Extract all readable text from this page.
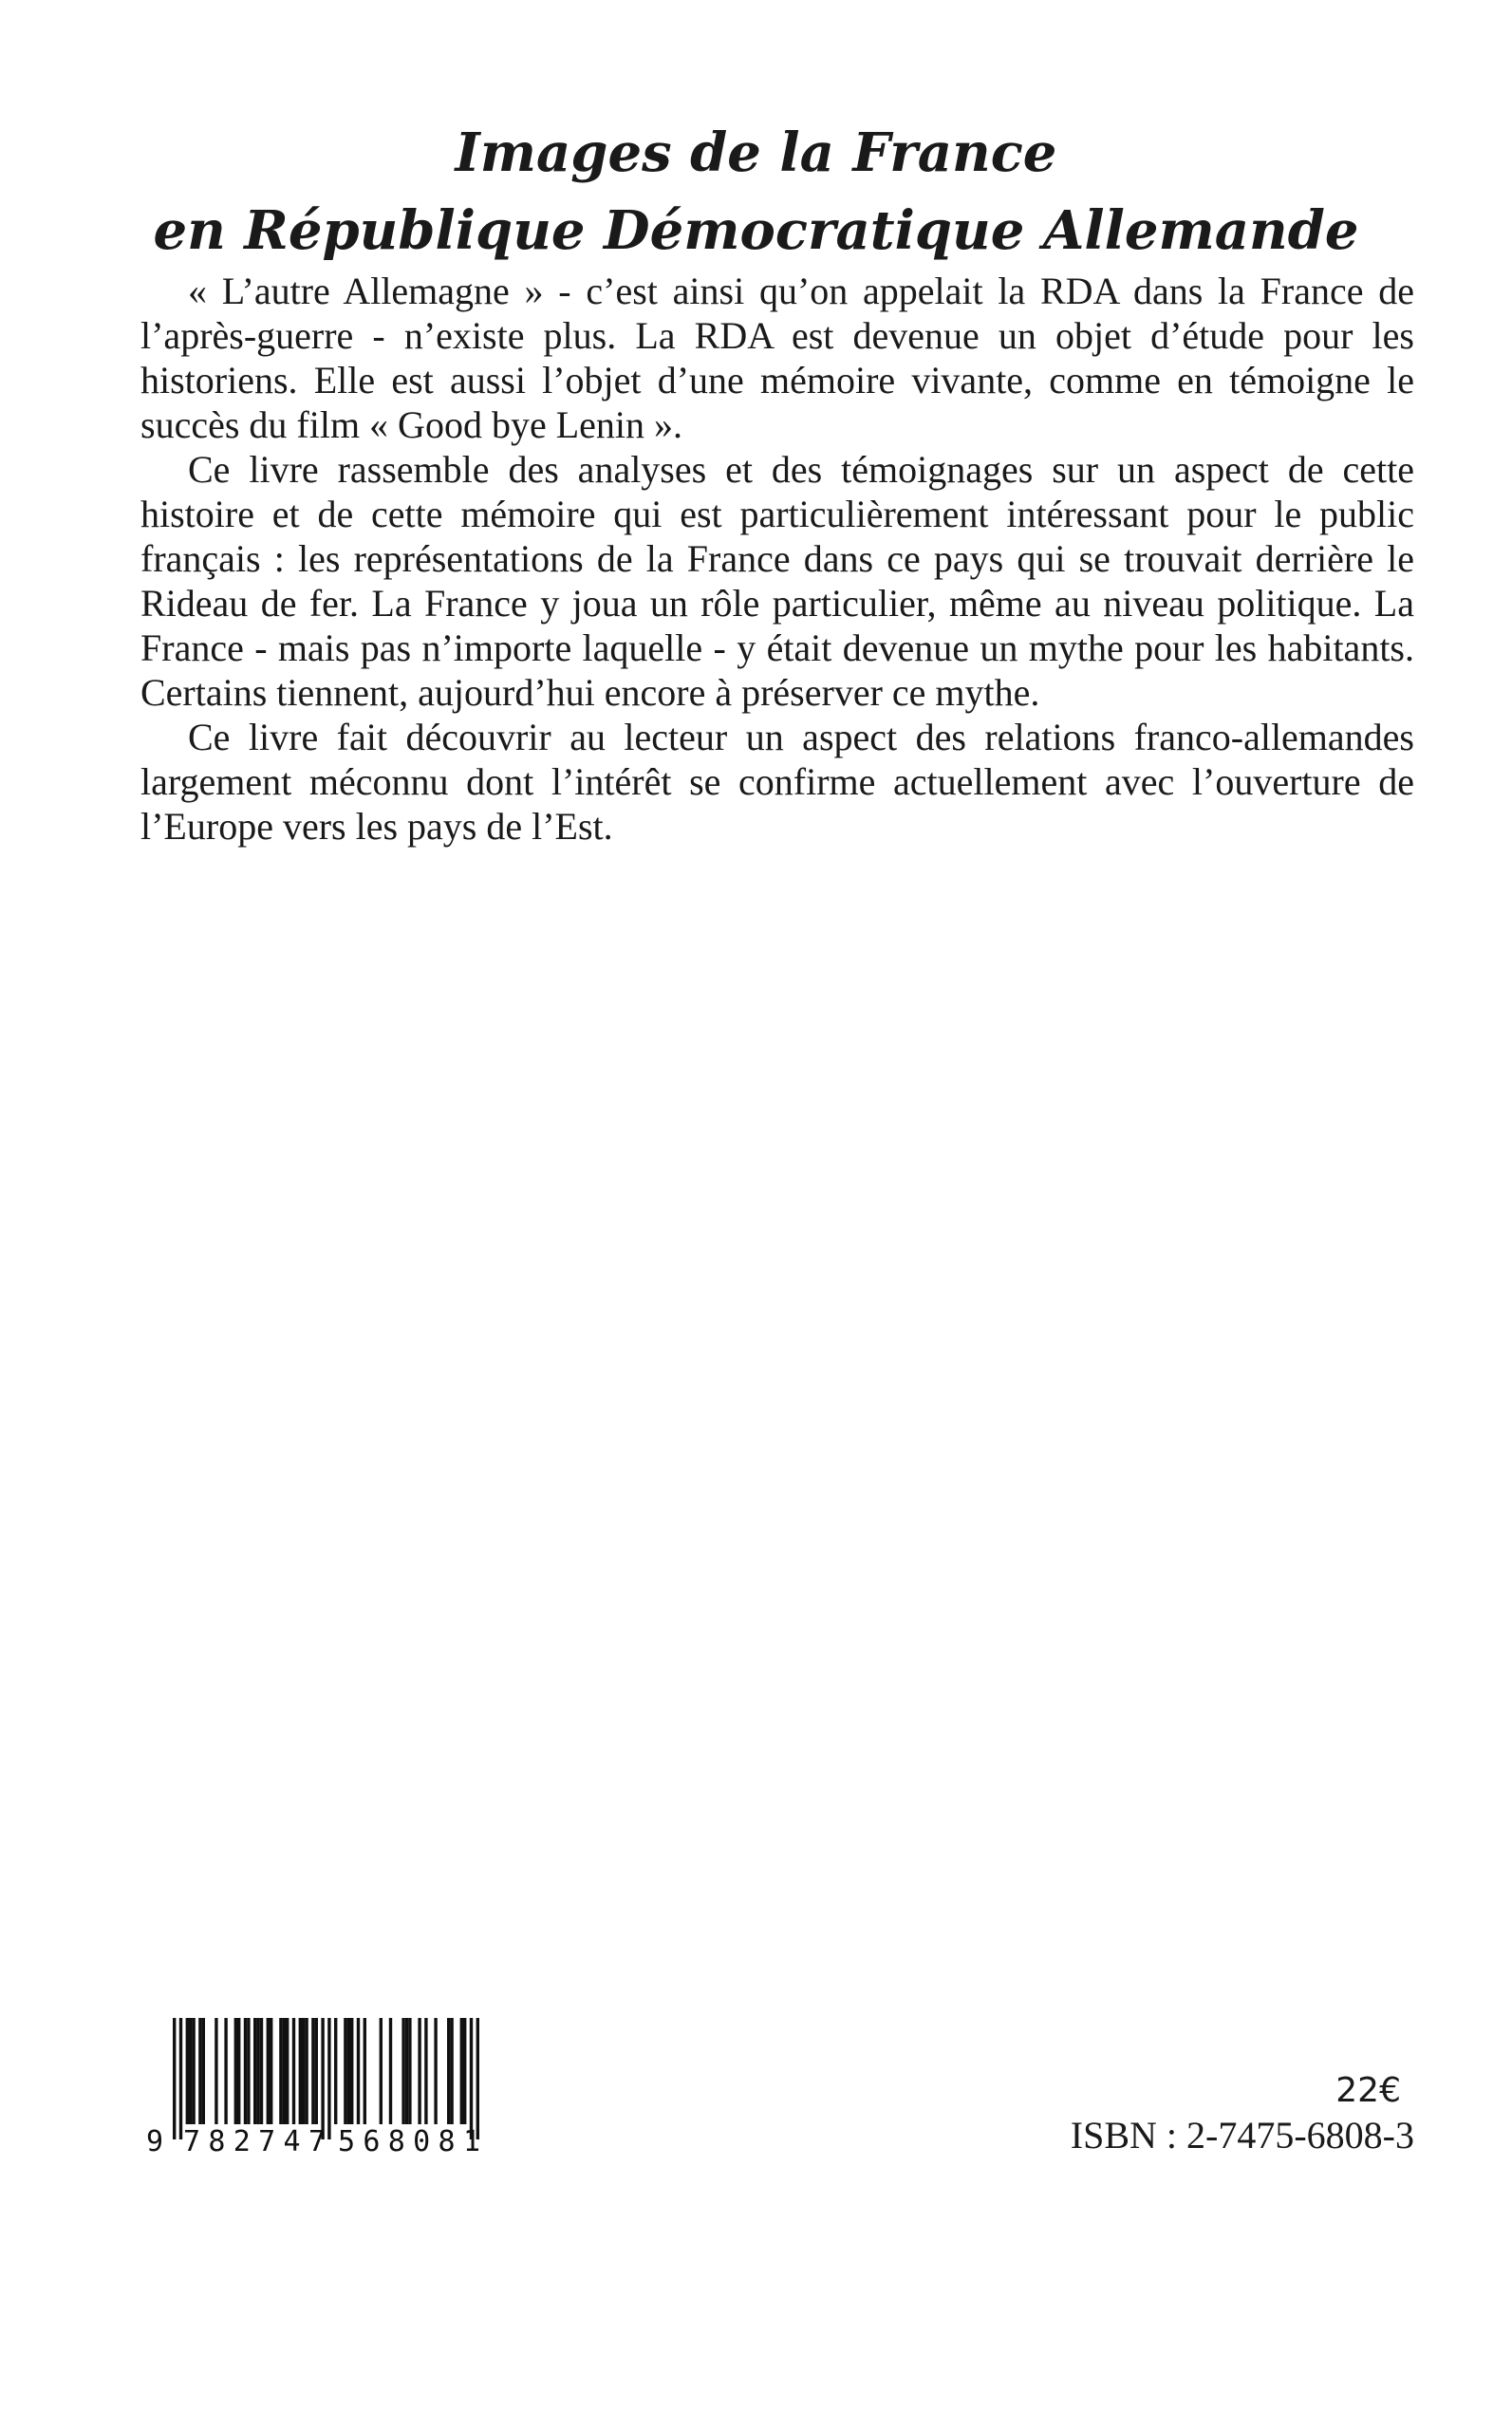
Images de la France
en République Démocratique Allemande

« L’autre Allemagne » - c’est ainsi qu’on appelait la RDA dans la France de l’après-guerre - n’existe plus. La RDA est devenue un objet d’étude pour les historiens. Elle est aussi l’objet d’une mémoire vivante, comme en témoigne le succès du film « Good bye Lenin ».

Ce livre rassemble des analyses et des témoignages sur un aspect de cette histoire et de cette mémoire qui est particulièrement intéressant pour le public français : les représentations de la France dans ce pays qui se trouvait derrière le Rideau de fer. La France y joua un rôle particulier, même au niveau politique. La France - mais pas n’importe laquelle - y était devenue un mythe pour les habitants. Certains tiennent, aujourd’hui encore à préserver ce mythe.

Ce livre fait découvrir au lecteur un aspect des relations franco-allemandes largement méconnu dont l’intérêt se confirme actuellement avec l’ouverture de l’Europe vers les pays de l’Est.

9 782747 568081
22€
ISBN : 2-7475-6808-3
